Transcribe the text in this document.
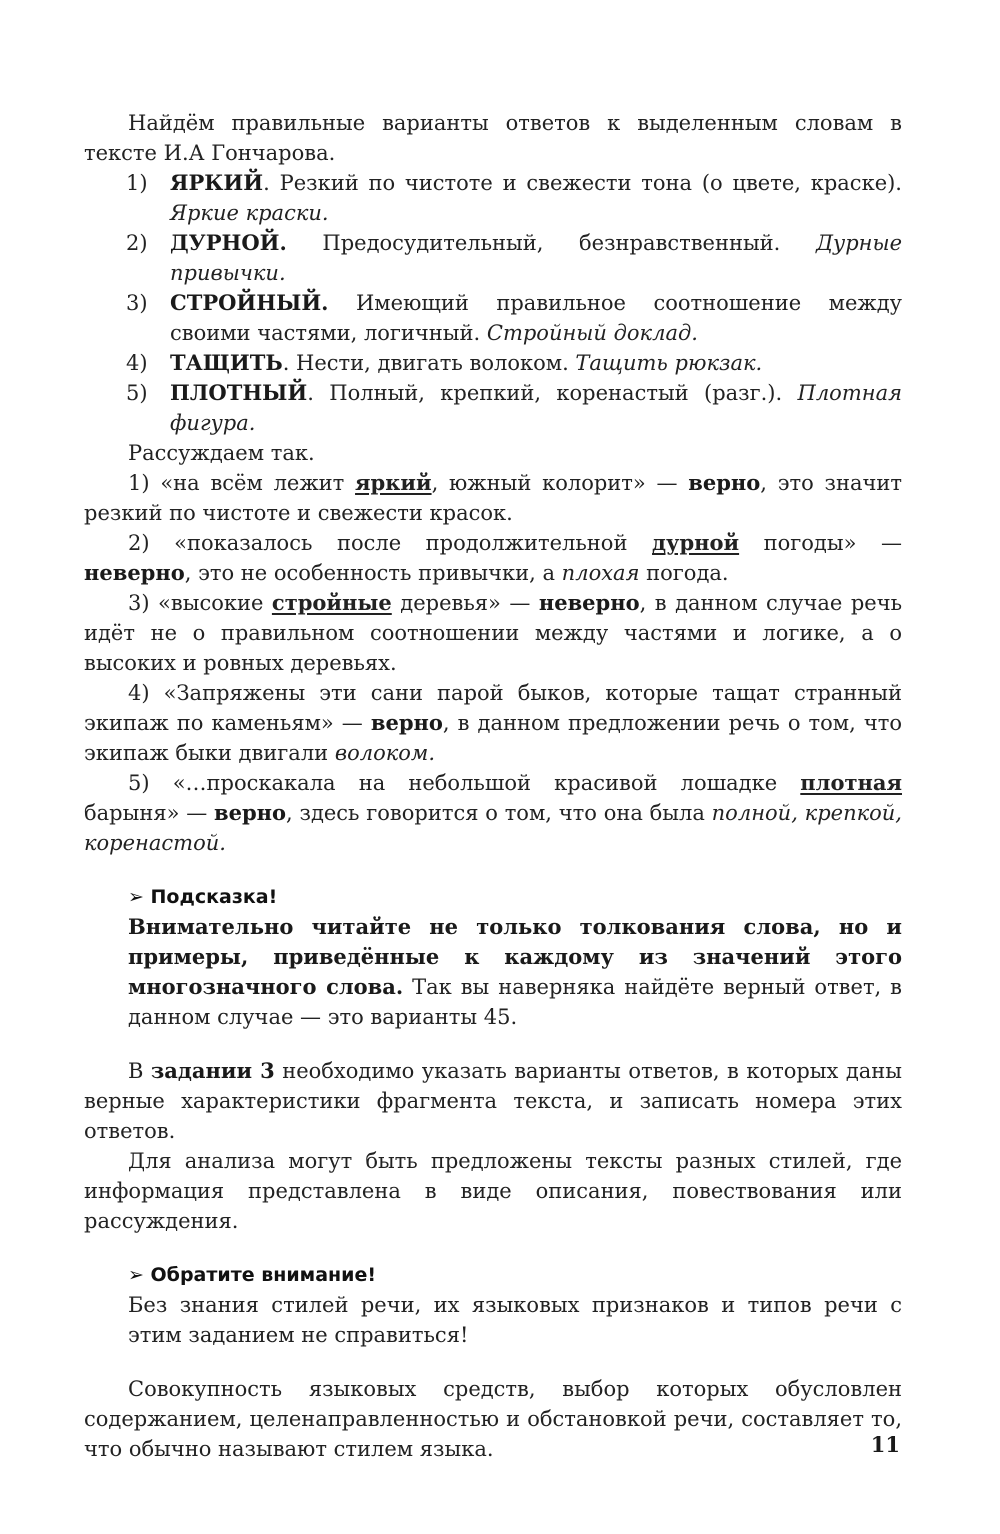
Найдём правильные варианты ответов к выделенным словам в тексте И.А Гончарова.

1) ЯРКИЙ. Резкий по чистоте и свежести тона (о цвете, краске). Яркие краски.
2) ДУРНОЙ. Предосудительный, безнравственный. Дурные привычки.
3) СТРОЙНЫЙ. Имеющий правильное соотношение между своими частями, логичный. Стройный доклад.
4) ТАЩИТЬ. Нести, двигать волоком. Тащить рюкзак.
5) ПЛОТНЫЙ. Полный, крепкий, коренастый (разг.). Плотная фигура.

Рассуждаем так.

1) «на всём лежит яркий, южный колорит» — верно, это значит резкий по чистоте и свежести красок.

2) «показалось после продолжительной дурной погоды» — неверно, это не особенность привычки, а плохая погода.

3) «высокие стройные деревья» — неверно, в данном случае речь идёт не о правильном соотношении между частями и логике, а о высоких и ровных деревьях.

4) «Запряжены эти сани парой быков, которые тащат странный экипаж по каменьям» — верно, в данном предложении речь о том, что экипаж быки двигали волоком.

5) «…проскакала на небольшой красивой лошадке плотная барыня» — верно, здесь говорится о том, что она была полной, крепкой, коренастой.

➢ Подсказка!

Внимательно читайте не только толкования слова, но и примеры, приведённые к каждому из значений этого многозначного слова. Так вы наверняка найдёте верный ответ, в данном случае — это варианты 45.

В задании 3 необходимо указать варианты ответов, в которых даны верные характеристики фрагмента текста, и записать номера этих ответов.

Для анализа могут быть предложены тексты разных стилей, где информация представлена в виде описания, повествования или рассуждения.

➢ Обратите внимание!

Без знания стилей речи, их языковых признаков и типов речи с этим заданием не справиться!

Совокупность языковых средств, выбор которых обусловлен содержанием, целенаправленностью и обстановкой речи, составляет то, что обычно называют стилем языка.	11
